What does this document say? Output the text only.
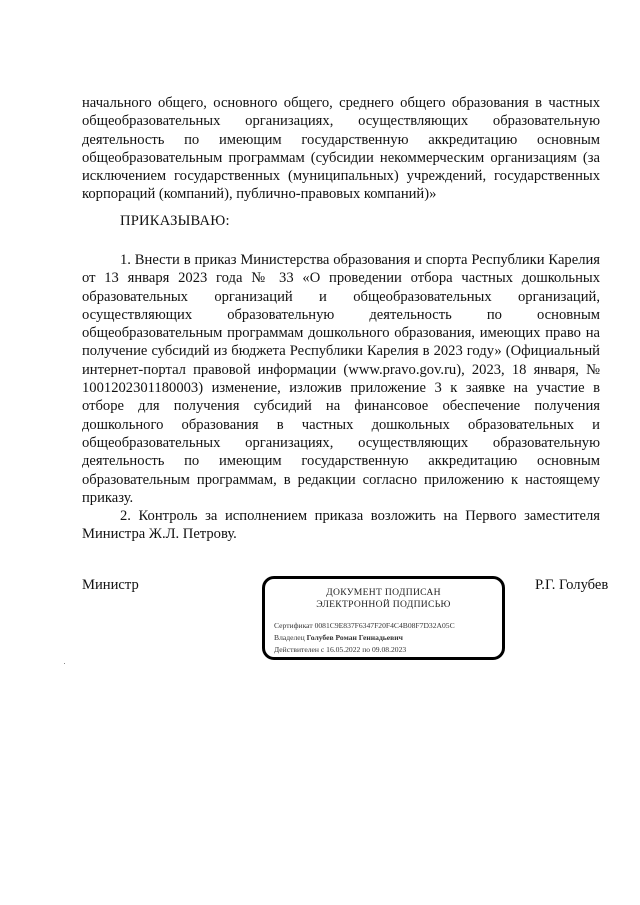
начального общего, основного общего, среднего общего образования в частных общеобразовательных организациях, осуществляющих образовательную деятельность по имеющим государственную аккредитацию основным общеобразовательным программам (субсидии некоммерческим организациям (за исключением государственных (муниципальных) учреждений, государственных корпораций (компаний), публично-правовых компаний)»
ПРИКАЗЫВАЮ:

1. Внести в приказ Министерства образования и спорта Республики Карелия от 13 января 2023 года № 33 «О проведении отбора частных дошкольных образовательных организаций и общеобразовательных организаций, осуществляющих образовательную деятельность по основным общеобразовательным программам дошкольного образования, имеющих право на получение субсидий из бюджета Республики Карелия в 2023 году» (Официальный интернет-портал правовой информации (www.pravo.gov.ru), 2023, 18 января, № 1001202301180003) изменение, изложив приложение 3 к заявке на участие в отборе для получения субсидий на финансовое обеспечение получения дошкольного образования в частных дошкольных образовательных и общеобразовательных организациях, осуществляющих образовательную деятельность по имеющим государственную аккредитацию основным образовательным программам, в редакции согласно приложению к настоящему приказу.

2. Контроль за исполнением приказа возложить на Первого заместителя Министра Ж.Л. Петрову.

Министр	ДОКУМЕНТ ПОДПИСАН
ЭЛЕКТРОННОЙ ПОДПИСЬЮ
Сертификат 0081C9E837F6347F20F4C4B08F7D32A05C
Владелец Голубев Роман Геннадьевич
Действителен с 16.05.2022 по 09.08.2023
Р.Г. Голубев
